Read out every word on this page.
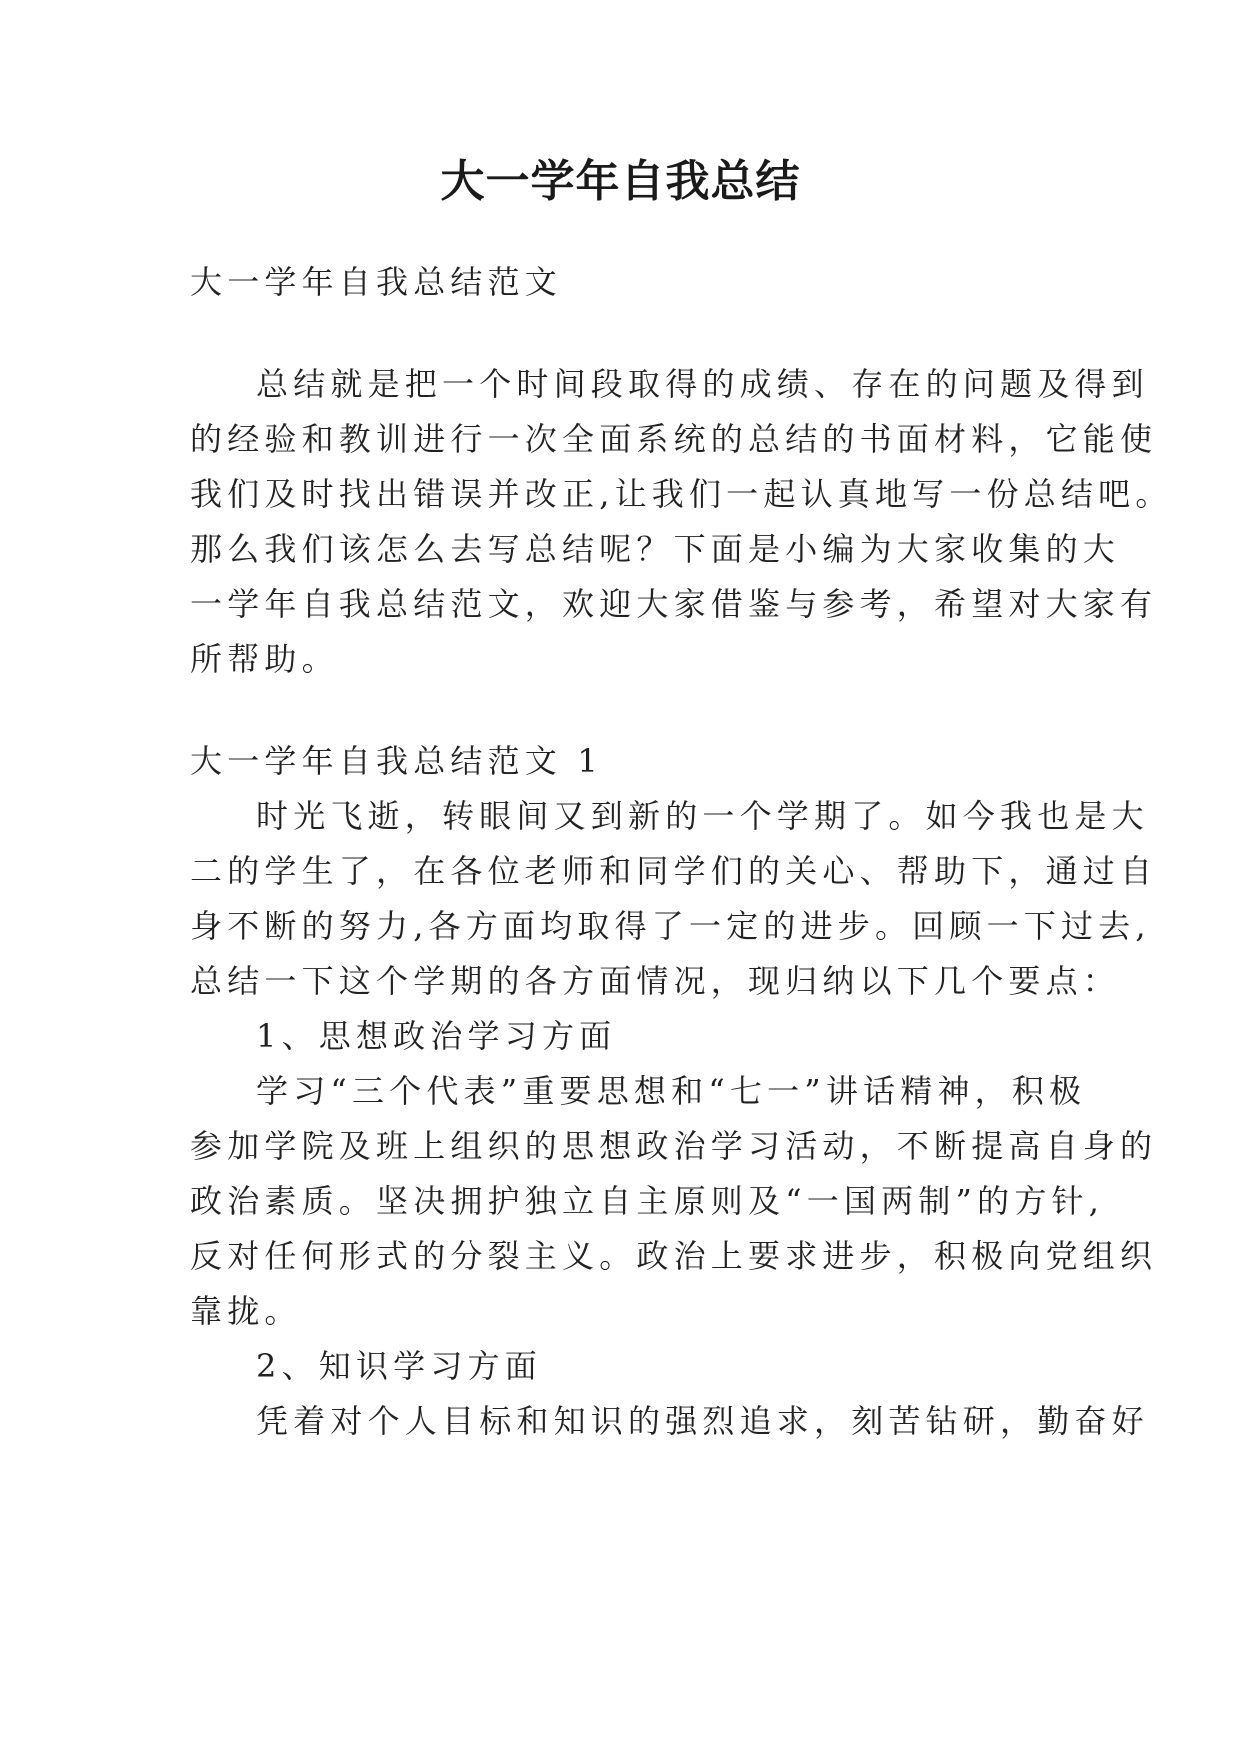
大一学年自我总结
大一学年自我总结范文
总结就是把一个时间段取得的成绩、存在的问题及得到
的经验和教训进行一次全面系统的总结的书面材料，它能使
我们及时找出错误并改正,让我们一起认真地写一份总结吧。
那么我们该怎么去写总结呢？下面是小编为大家收集的大
一学年自我总结范文，欢迎大家借鉴与参考，希望对大家有
所帮助。
大一学年自我总结范文 1
时光飞逝，转眼间又到新的一个学期了。如今我也是大
二的学生了，在各位老师和同学们的关心、帮助下，通过自
身不断的努力,各方面均取得了一定的进步。回顾一下过去,
总结一下这个学期的各方面情况，现归纳以下几个要点：
1、思想政治学习方面
学习“三个代表”重要思想和“七一”讲话精神，积极
参加学院及班上组织的思想政治学习活动，不断提高自身的
政治素质。坚决拥护独立自主原则及“一国两制”的方针,
反对任何形式的分裂主义。政治上要求进步，积极向党组织
靠拢。
2、知识学习方面
凭着对个人目标和知识的强烈追求，刻苦钻研，勤奋好
